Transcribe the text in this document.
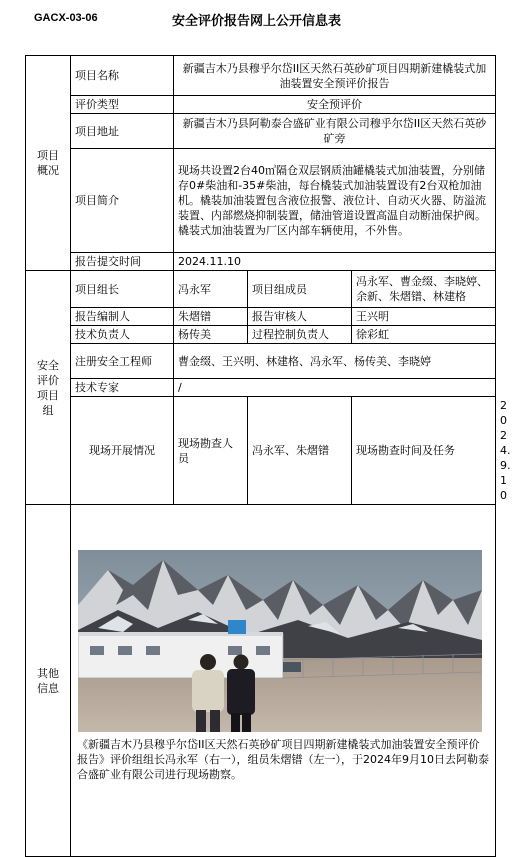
GACX-03-06	安全评价报告网上公开信息表
项目概况	项目名称	新疆吉木乃县穆乎尔岱II区天然石英砂矿项目四期新建橇装式加油装置安全预评价报告			
	评价类型	安全预评价			
	项目地址	新疆吉木乃县阿勒泰合盛矿业有限公司穆乎尔岱II区天然石英砂矿旁			
	项目简介	现场共设置2台40㎥隔仓双层钢质油罐橇装式加油装置，分别储存0#柴油和-35#柴油，每台橇装式加油装置设有2台双枪加油机。橇装加油装置包含液位报警、液位计、自动灭火器、防溢流装置、内部燃烧抑制装置，储油管道设置高温自动断油保护阀。橇装式加油装置为厂区内部车辆使用，不外售。			
	报告提交时间	2024.11.10			
安全评价项目组	项目组长	冯永军	项目组成员	冯永军、曹金缀、李晓婷、余新、朱熠镨、林建格	
	报告编制人	朱熠镨	报告审核人	王兴明	
	技术负责人	杨传美	过程控制负责人	徐彩虹	
	注册安全工程师	曹金缀、王兴明、林建格、冯永军、杨传美、李晓婷			
	技术专家	/			
	现场开展情况	现场勘查人员	冯永军、朱熠镨	现场勘查时间及任务	2024.9.10
其他信息	《新疆吉木乃县穆乎尔岱II区天然石英砂矿项目四期新建橇装式加油装置安全预评价报告》评价组组长冯永军（右一），组员朱熠镨（左一），于2024年9月10日去阿勒泰合盛矿业有限公司进行现场勘察。				
